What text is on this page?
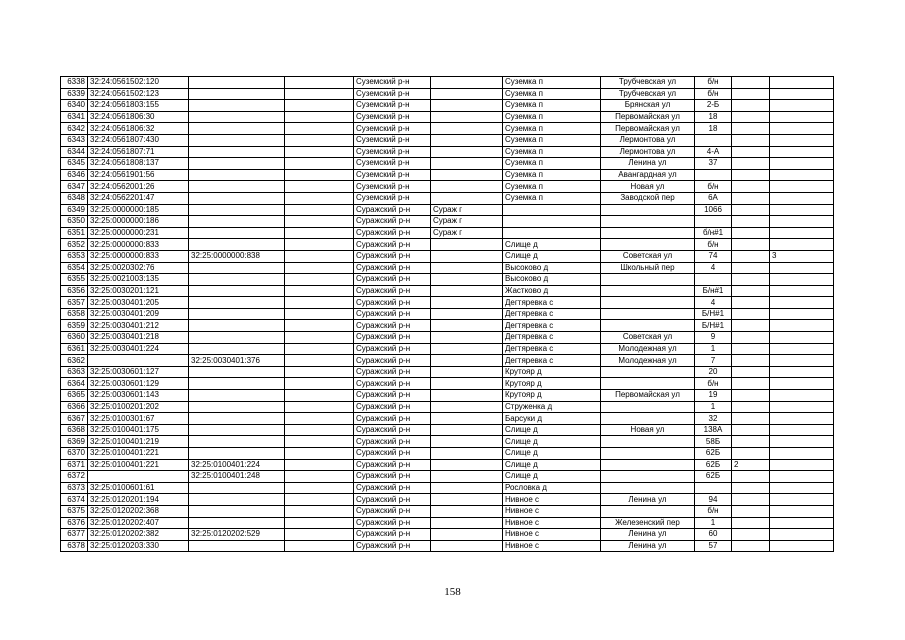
6338	32:24:0561502:120			Суземский р-н		Суземка п	Трубчевская ул	б/н		
6339	32:24:0561502:123			Суземский р-н		Суземка п	Трубчевская ул	б/н		
6340	32:24:0561803:155			Суземский р-н		Суземка п	Брянская ул	2-Б		
6341	32:24:0561806:30			Суземский р-н		Суземка п	Первомайская ул	18		
6342	32:24:0561806:32			Суземский р-н		Суземка п	Первомайская ул	18		
6343	32:24:0561807:430			Суземский р-н		Суземка п	Лермонтова ул			
6344	32:24:0561807:71			Суземский р-н		Суземка п	Лермонтова ул	4-А		
6345	32:24:0561808:137			Суземский р-н		Суземка п	Ленина ул	37		
6346	32:24:0561901:56			Суземский р-н		Суземка п	Авангардная ул			
6347	32:24:0562001:26			Суземский р-н		Суземка п	Новая ул	б/н		
6348	32:24:0562201:47			Суземский р-н		Суземка п	Заводской пер	6А		
6349	32:25:0000000:185			Суражский р-н	Сураж г			1066		
6350	32:25:0000000:186			Суражский р-н	Сураж г					
6351	32:25:0000000:231			Суражский р-н	Сураж г			б/н#1		
6352	32:25:0000000:833			Суражский р-н		Слище д		б/н		
6353	32:25:0000000:833	32:25:0000000:838		Суражский р-н		Слище д	Советская ул	74		3
6354	32:25:0020302:76			Суражский р-н		Высоково д	Школьный пер	4		
6355	32:25:0021003:135			Суражский р-н		Высоково д				
6356	32:25:0030201:121			Суражский р-н		Жастково д		Б/н#1		
6357	32:25:0030401:205			Суражский р-н		Дегтяревка с		4		
6358	32:25:0030401:209			Суражский р-н		Дегтяревка с		Б/Н#1		
6359	32:25:0030401:212			Суражский р-н		Дегтяревка с		Б/Н#1		
6360	32:25:0030401:218			Суражский р-н		Дегтяревка с	Советская ул	9		
6361	32:25:0030401:224			Суражский р-н		Дегтяревка с	Молодежная ул	1		
6362		32:25:0030401:376		Суражский р-н		Дегтяревка с	Молодежная ул	7		
6363	32:25:0030601:127			Суражский р-н		Крутояр д		20		
6364	32:25:0030601:129			Суражский р-н		Крутояр д		б/н		
6365	32:25:0030601:143			Суражский р-н		Крутояр д	Первомайская ул	19		
6366	32:25:0100201:202			Суражский р-н		Струженка д		1		
6367	32:25:0100301:67			Суражский р-н		Барсуки д		32		
6368	32:25:0100401:175			Суражский р-н		Слище д	Новая ул	138А		
6369	32:25:0100401:219			Суражский р-н		Слище д		58Б		
6370	32:25:0100401:221			Суражский р-н		Слище д		62Б		
6371	32:25:0100401:221	32:25:0100401:224		Суражский р-н		Слище д		62Б	2	
6372		32:25:0100401:248		Суражский р-н		Слище д		62Б		
6373	32:25:0100601:61			Суражский р-н		Рословка д				
6374	32:25:0120201:194			Суражский р-н		Нивное с	Ленина ул	94		
6375	32:25:0120202:368			Суражский р-н		Нивное с		б/н		
6376	32:25:0120202:407			Суражский р-н		Нивное с	Железенский пер	1		
6377	32:25:0120202:382	32:25:0120202:529		Суражский р-н		Нивное с	Ленина ул	60		
6378	32:25:0120203:330			Суражский р-н		Нивное с	Ленина ул	57		
158
